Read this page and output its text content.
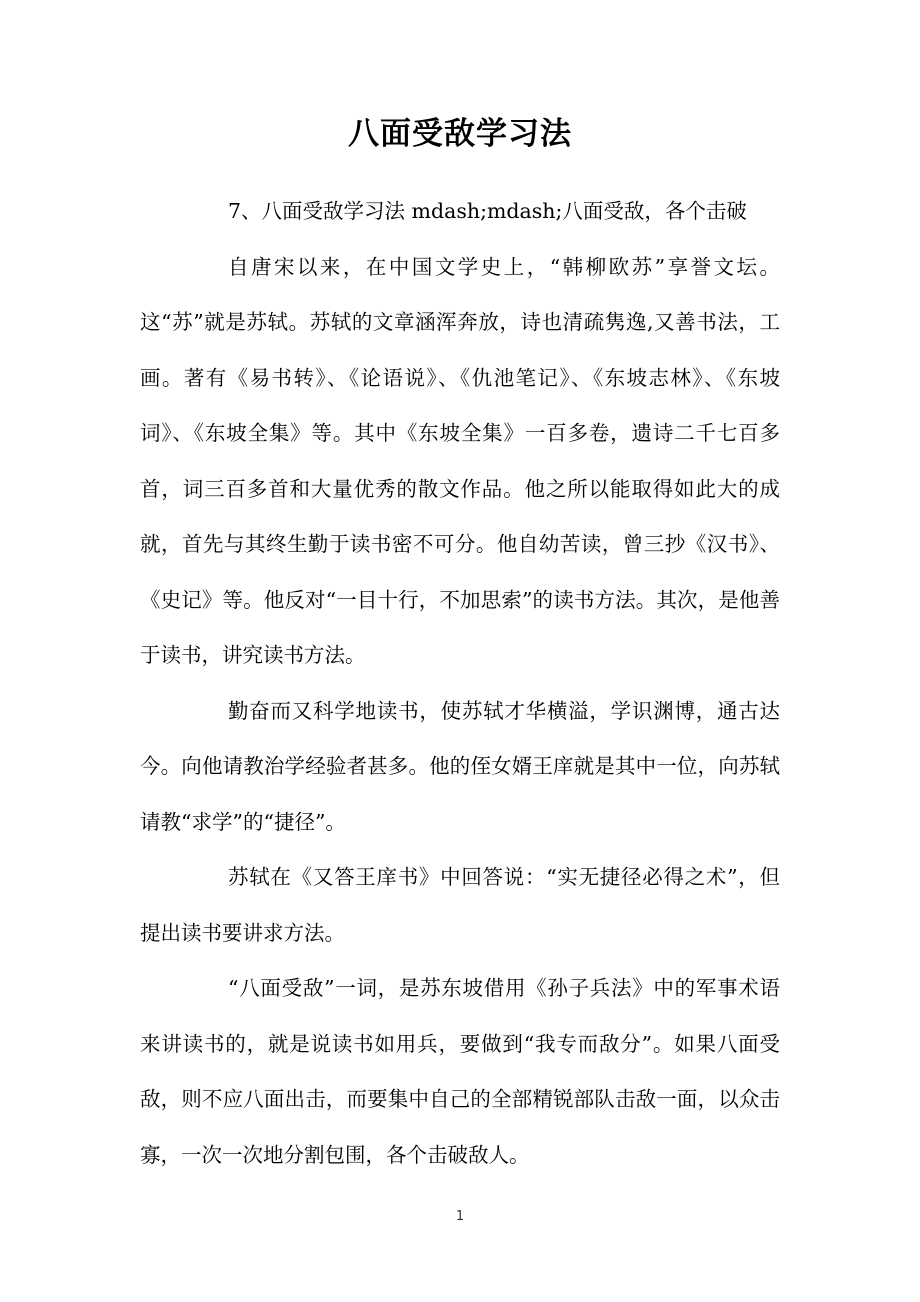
八面受敌学习法

7、八面受敌学习法 mdash;mdash;八面受敌，各个击破

自唐宋以来，在中国文学史上，“韩柳欧苏”享誉文坛。这“苏”就是苏轼。苏轼的文章涵浑奔放，诗也清疏隽逸,又善书法，工画。著有《易书转》、《论语说》、《仇池笔记》、《东坡志林》、《东坡词》、《东坡全集》等。其中《东坡全集》一百多卷，遗诗二千七百多首，词三百多首和大量优秀的散文作品。他之所以能取得如此大的成就，首先与其终生勤于读书密不可分。他自幼苦读，曾三抄《汉书》、《史记》等。他反对“一目十行，不加思索”的读书方法。其次，是他善于读书，讲究读书方法。

勤奋而又科学地读书，使苏轼才华横溢，学识渊博，通古达今。向他请教治学经验者甚多。他的侄女婿王庠就是其中一位，向苏轼请教“求学”的“捷径”。

苏轼在《又答王庠书》中回答说：“实无捷径必得之术”，但提出读书要讲求方法。

“八面受敌”一词，是苏东坡借用《孙子兵法》中的军事术语来讲读书的，就是说读书如用兵，要做到“我专而敌分”。如果八面受敌，则不应八面出击，而要集中自己的全部精锐部队击敌一面，以众击寡，一次一次地分割包围，各个击破敌人。

1
